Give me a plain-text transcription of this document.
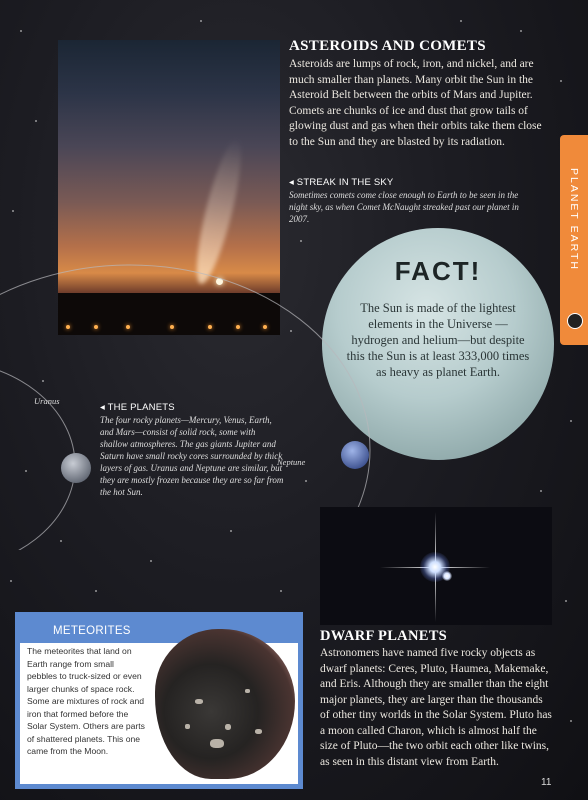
ASTEROIDS AND COMETS

Asteroids are lumps of rock, iron, and nickel, and are much smaller than planets. Many orbit the Sun in the Asteroid Belt between the orbits of Mars and Jupiter. Comets are chunks of ice and dust that grow tails of glowing dust and gas when their orbits take them close to the Sun and they are blasted by its radiation.

◂ STREAK IN THE SKY
Sometimes comets come close enough to Earth to be seen in the night sky, as when Comet McNaught streaked past our planet in 2007.	PLANET EARTH

FACT!

The Sun is made of the lightest elements in the Universe —hydrogen and helium—but despite this the Sun is at least 333,000 times as heavy as planet Earth.

Uranus
Neptune
◂ THE PLANETS
The four rocky planets—Mercury, Venus, Earth, and Mars—consist of solid rock, some with shallow atmospheres. The gas giants Jupiter and Saturn have small rocky cores surrounded by thick layers of gas. Uranus and Neptune are similar, but they are mostly frozen because they are so far from the hot Sun.
DWARF PLANETS

Astronomers have named five rocky objects as dwarf planets: Ceres, Pluto, Haumea, Makemake, and Eris. Although they are smaller than the eight major planets, they are larger than the thousands of other tiny worlds in the Solar System. Pluto has a moon called Charon, which is almost half the size of Pluto—the two orbit each other like twins, as seen in this distant view from Earth.

METEORITES

The meteorites that land on Earth range from small pebbles to truck-sized or even larger chunks of space rock. Some are mixtures of rock and iron that formed before the Solar System. Others are parts of shattered planets. This one came from the Moon.

11
